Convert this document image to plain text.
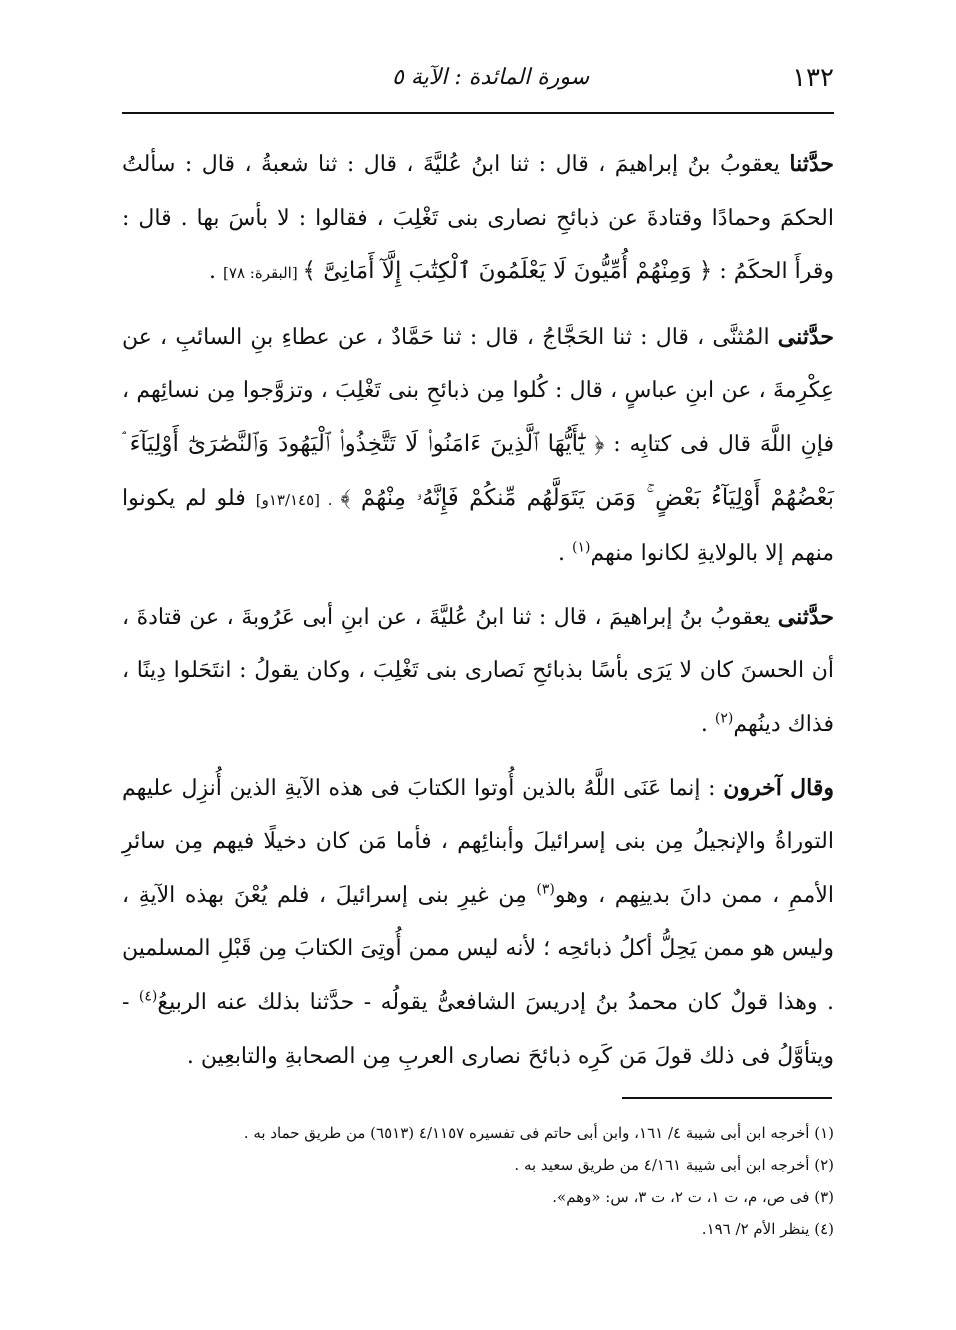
١٣٢
سورة المائدة : الآية ٥

حدَّثنا يعقوبُ بنُ إبراهيمَ ، قال : ثنا ابنُ عُليَّةَ ، قال : ثنا شعبةُ ، قال : سألتُ الحكمَ وحمادًا وقتادةَ عن ذبائحِ نصارى بنى تَغْلِبَ ، فقالوا : لا بأسَ بها . قال : وقرأَ الحكَمُ : ﴿ وَمِنْهُمْ أُمِّيُّونَ لَا يَعْلَمُونَ ٱلْكِتَٰبَ إِلَّآ أَمَانِىَّ ﴾ [البقرة: ٧٨] .

حدَّثنى المُثنَّى ، قال : ثنا الحَجَّاجُ ، قال : ثنا حَمَّادٌ ، عن عطاءِ بنِ السائبِ ، عن عِكْرِمةَ ، عن ابنِ عباسٍ ، قال : كُلوا مِن ذبائحِ بنى تَغْلِبَ ، وتزوَّجوا مِن نسائِهم ، فإنِ اللَّهَ قال فى كتابِه : ﴿ يَٰٓأَيُّهَا ٱلَّذِينَ ءَامَنُوا۟ لَا تَتَّخِذُوا۟ ٱلْيَهُودَ وَٱلنَّصَٰرَىٰٓ أَوْلِيَآءَ ۘ بَعْضُهُمْ أَوْلِيَآءُ بَعْضٍ ۚ وَمَن يَتَوَلَّهُم مِّنكُمْ فَإِنَّهُۥ مِنْهُمْ ﴾ . [١٣/١٤٥و] فلو لم يكونوا منهم إلا بالولايةِ لكانوا منهم$^{(١)}$ .

حدَّثنى يعقوبُ بنُ إبراهيمَ ، قال : ثنا ابنُ عُليَّةَ ، عن ابنِ أبى عَرُوبةَ ، عن قتادةَ ، أن الحسنَ كان لا يَرَى بأسًا بذبائحِ نَصارى بنى تَغْلِبَ ، وكان يقولُ : انتَحَلوا دِينًا ، فذاك دينُهم$^{(٢)}$ .

وقال آخرون : إنما عَنَى اللَّهُ بالذين أُوتوا الكتابَ فى هذه الآيةِ الذين أُنزِل عليهم التوراةُ والإنجيلُ مِن بنى إسرائيلَ وأبنائِهم ، فأما مَن كان دخيلًا فيهم مِن سائرِ الأممِ ، ممن دانَ بدينِهم ، وهو$^{(٣)}$ مِن غيرِ بنى إسرائيلَ ، فلم يُعْنَ بهذه الآيةِ ، وليس هو ممن يَحِلُّ أكلُ ذبائحِه ؛ لأنه ليس ممن أُوتِىَ الكتابَ مِن قَبْلِ المسلمين . وهذا قولٌ كان محمدُ بنُ إدريسَ الشافعىُّ يقولُه - حدَّثنا بذلك عنه الربيعُ$^{(٤)}$ - ويتأوَّلُ فى ذلك قولَ مَن كَرِه ذبائحَ نصارى العربِ مِن الصحابةِ والتابعِين .

(١) أخرجه ابن أبى شيبة ٤/ ١٦١، وابن أبى حاتم فى تفسيره ٤/١١٥٧ (٦٥١٣) من طريق حماد به .

(٢) أخرجه ابن أبى شيبة ٤/١٦١ من طريق سعيد به .

(٣) فى ص، م، ت ١، ت ٢، ت ٣، س: «وهم».

(٤) ينظر الأم ٢/ ١٩٦.
